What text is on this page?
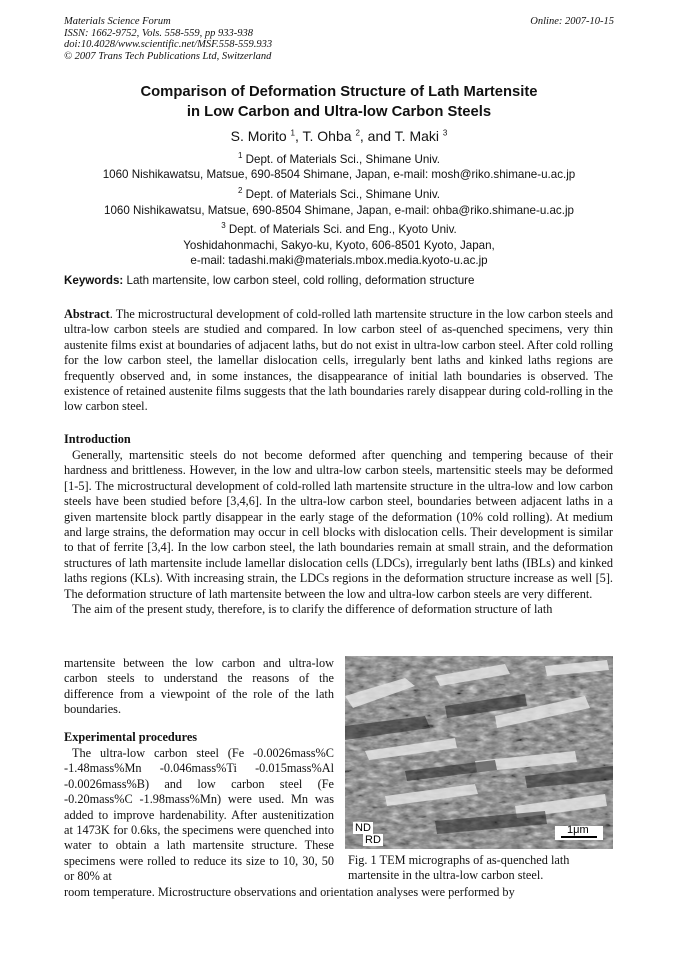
Materials Science Forum
ISSN: 1662-9752, Vols. 558-559, pp 933-938
doi:10.4028/www.scientific.net/MSF.558-559.933
© 2007 Trans Tech Publications Ltd, Switzerland
Online: 2007-10-15
Comparison of Deformation Structure of Lath Martensite
in Low Carbon and Ultra-low Carbon Steels
S. Morito $^1$, T. Ohba $^2$, and T. Maki $^3$
$^1$ Dept. of Materials Sci., Shimane Univ.
1060 Nishikawatsu, Matsue, 690-8504 Shimane, Japan, e-mail: mosh@riko.shimane-u.ac.jp
$^2$ Dept. of Materials Sci., Shimane Univ.
1060 Nishikawatsu, Matsue, 690-8504 Shimane, Japan, e-mail: ohba@riko.shimane-u.ac.jp
$^3$ Dept. of Materials Sci. and Eng., Kyoto Univ.
Yoshidahonmachi, Sakyo-ku, Kyoto, 606-8501 Kyoto, Japan,
e-mail: tadashi.maki@materials.mbox.media.kyoto-u.ac.jp
Keywords: Lath martensite, low carbon steel, cold rolling, deformation structure
Abstract. The microstructural development of cold-rolled lath martensite structure in the low carbon steels and ultra-low carbon steels are studied and compared. In low carbon steel of as-quenched specimens, very thin austenite films exist at boundaries of adjacent laths, but do not exist in ultra-low carbon steel. After cold rolling for the low carbon steel, the lamellar dislocation cells, irregularly bent laths and kinked laths regions are frequently observed and, in some instances, the disappearance of initial lath boundaries is observed. The existence of retained austenite films suggests that the lath boundaries rarely disappear during cold-rolling in the low carbon steel.
Introduction

Generally, martensitic steels do not become deformed after quenching and tempering because of their hardness and brittleness. However, in the low and ultra-low carbon steels, martensitic steels may be deformed [1-5]. The microstructural development of cold-rolled lath martensite structure in the ultra-low and low carbon steels have been studied before [3,4,6]. In the ultra-low carbon steel, boundaries between adjacent laths in a given martensite block partly disappear in the early stage of the deformation (10% cold rolling). At medium and large strains, the deformation may occur in cell blocks with dislocation cells. Their development is similar to that of ferrite [3,4]. In the low carbon steel, the lath boundaries remain at small strain, and the deformation structures of lath martensite include lamellar dislocation cells (LDCs), irregularly bent laths (IBLs) and kinked laths regions (KLs). With increasing strain, the LDCs regions in the deformation structure increase as well [5]. The deformation structure of lath martensite between the low and ultra-low carbon steels are very different.

The aim of the present study, therefore, is to clarify the difference of deformation structure of lath

martensite between the low carbon and ultra-low carbon steels to understand the reasons of the difference from a viewpoint of the role of the lath boundaries.
Experimental procedures

The ultra-low carbon steel (Fe -0.0026mass%C -1.48mass%Mn -0.046mass%Ti -0.015mass%Al -0.0026mass%B) and low carbon steel (Fe -0.20mass%C -1.98mass%Mn) were used. Mn was added to improve hardenability. After austenitization at 1473K for 0.6ks, the specimens were quenched into water to obtain a lath martensite structure. These specimens were rolled to reduce its size to 10, 30, 50 or 80% at

room temperature. Microstructure observations and orientation analyses were performed by
ND
RD
1μm
Fig. 1 TEM micrographs of as-quenched lath martensite in the ultra-low carbon steel.
